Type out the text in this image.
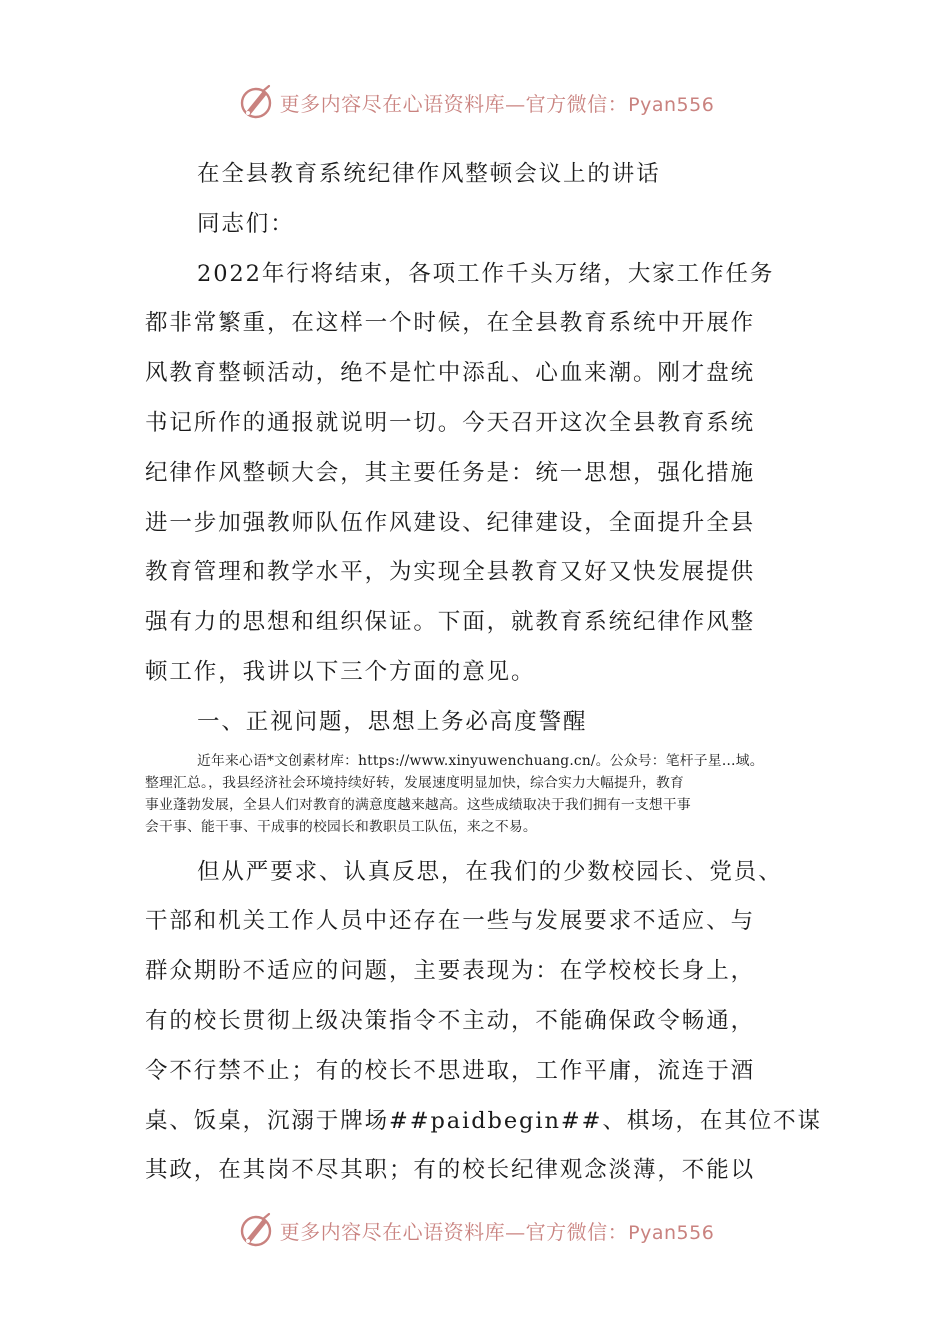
更多内容尽在心语资料库—官方微信：Pyan556
在全县教育系统纪律作风整顿会议上的讲话
同志们：
2022年行将结束，各项工作千头万绪，大家工作任务
都非常繁重，在这样一个时候，在全县教育系统中开展作
风教育整顿活动，绝不是忙中添乱、心血来潮。刚才盘统
书记所作的通报就说明一切。今天召开这次全县教育系统
纪律作风整顿大会，其主要任务是：统一思想，强化措施
进一步加强教师队伍作风建设、纪律建设，全面提升全县
教育管理和教学水平，为实现全县教育又好又快发展提供
强有力的思想和组织保证。下面，就教育系统纪律作风整
顿工作，我讲以下三个方面的意见。
一、正视问题，思想上务必高度警醒
近年来心语*文创素材库：https://www.xinyuwenchuang.cn/。公众号：笔杆子星…域。
整理汇总。，我县经济社会环境持续好转，发展速度明显加快，综合实力大幅提升，教育
事业蓬勃发展，全县人们对教育的满意度越来越高。这些成绩取决于我们拥有一支想干事
会干事、能干事、干成事的校园长和教职员工队伍，来之不易。
但从严要求、认真反思，在我们的少数校园长、党员、
干部和机关工作人员中还存在一些与发展要求不适应、与
群众期盼不适应的问题，主要表现为：在学校校长身上，
有的校长贯彻上级决策指令不主动，不能确保政令畅通，
令不行禁不止；有的校长不思进取，工作平庸，流连于酒
桌、饭桌，沉溺于牌场##paidbegin##、棋场，在其位不谋
其政，在其岗不尽其职；有的校长纪律观念淡薄，不能以
更多内容尽在心语资料库—官方微信：Pyan556
